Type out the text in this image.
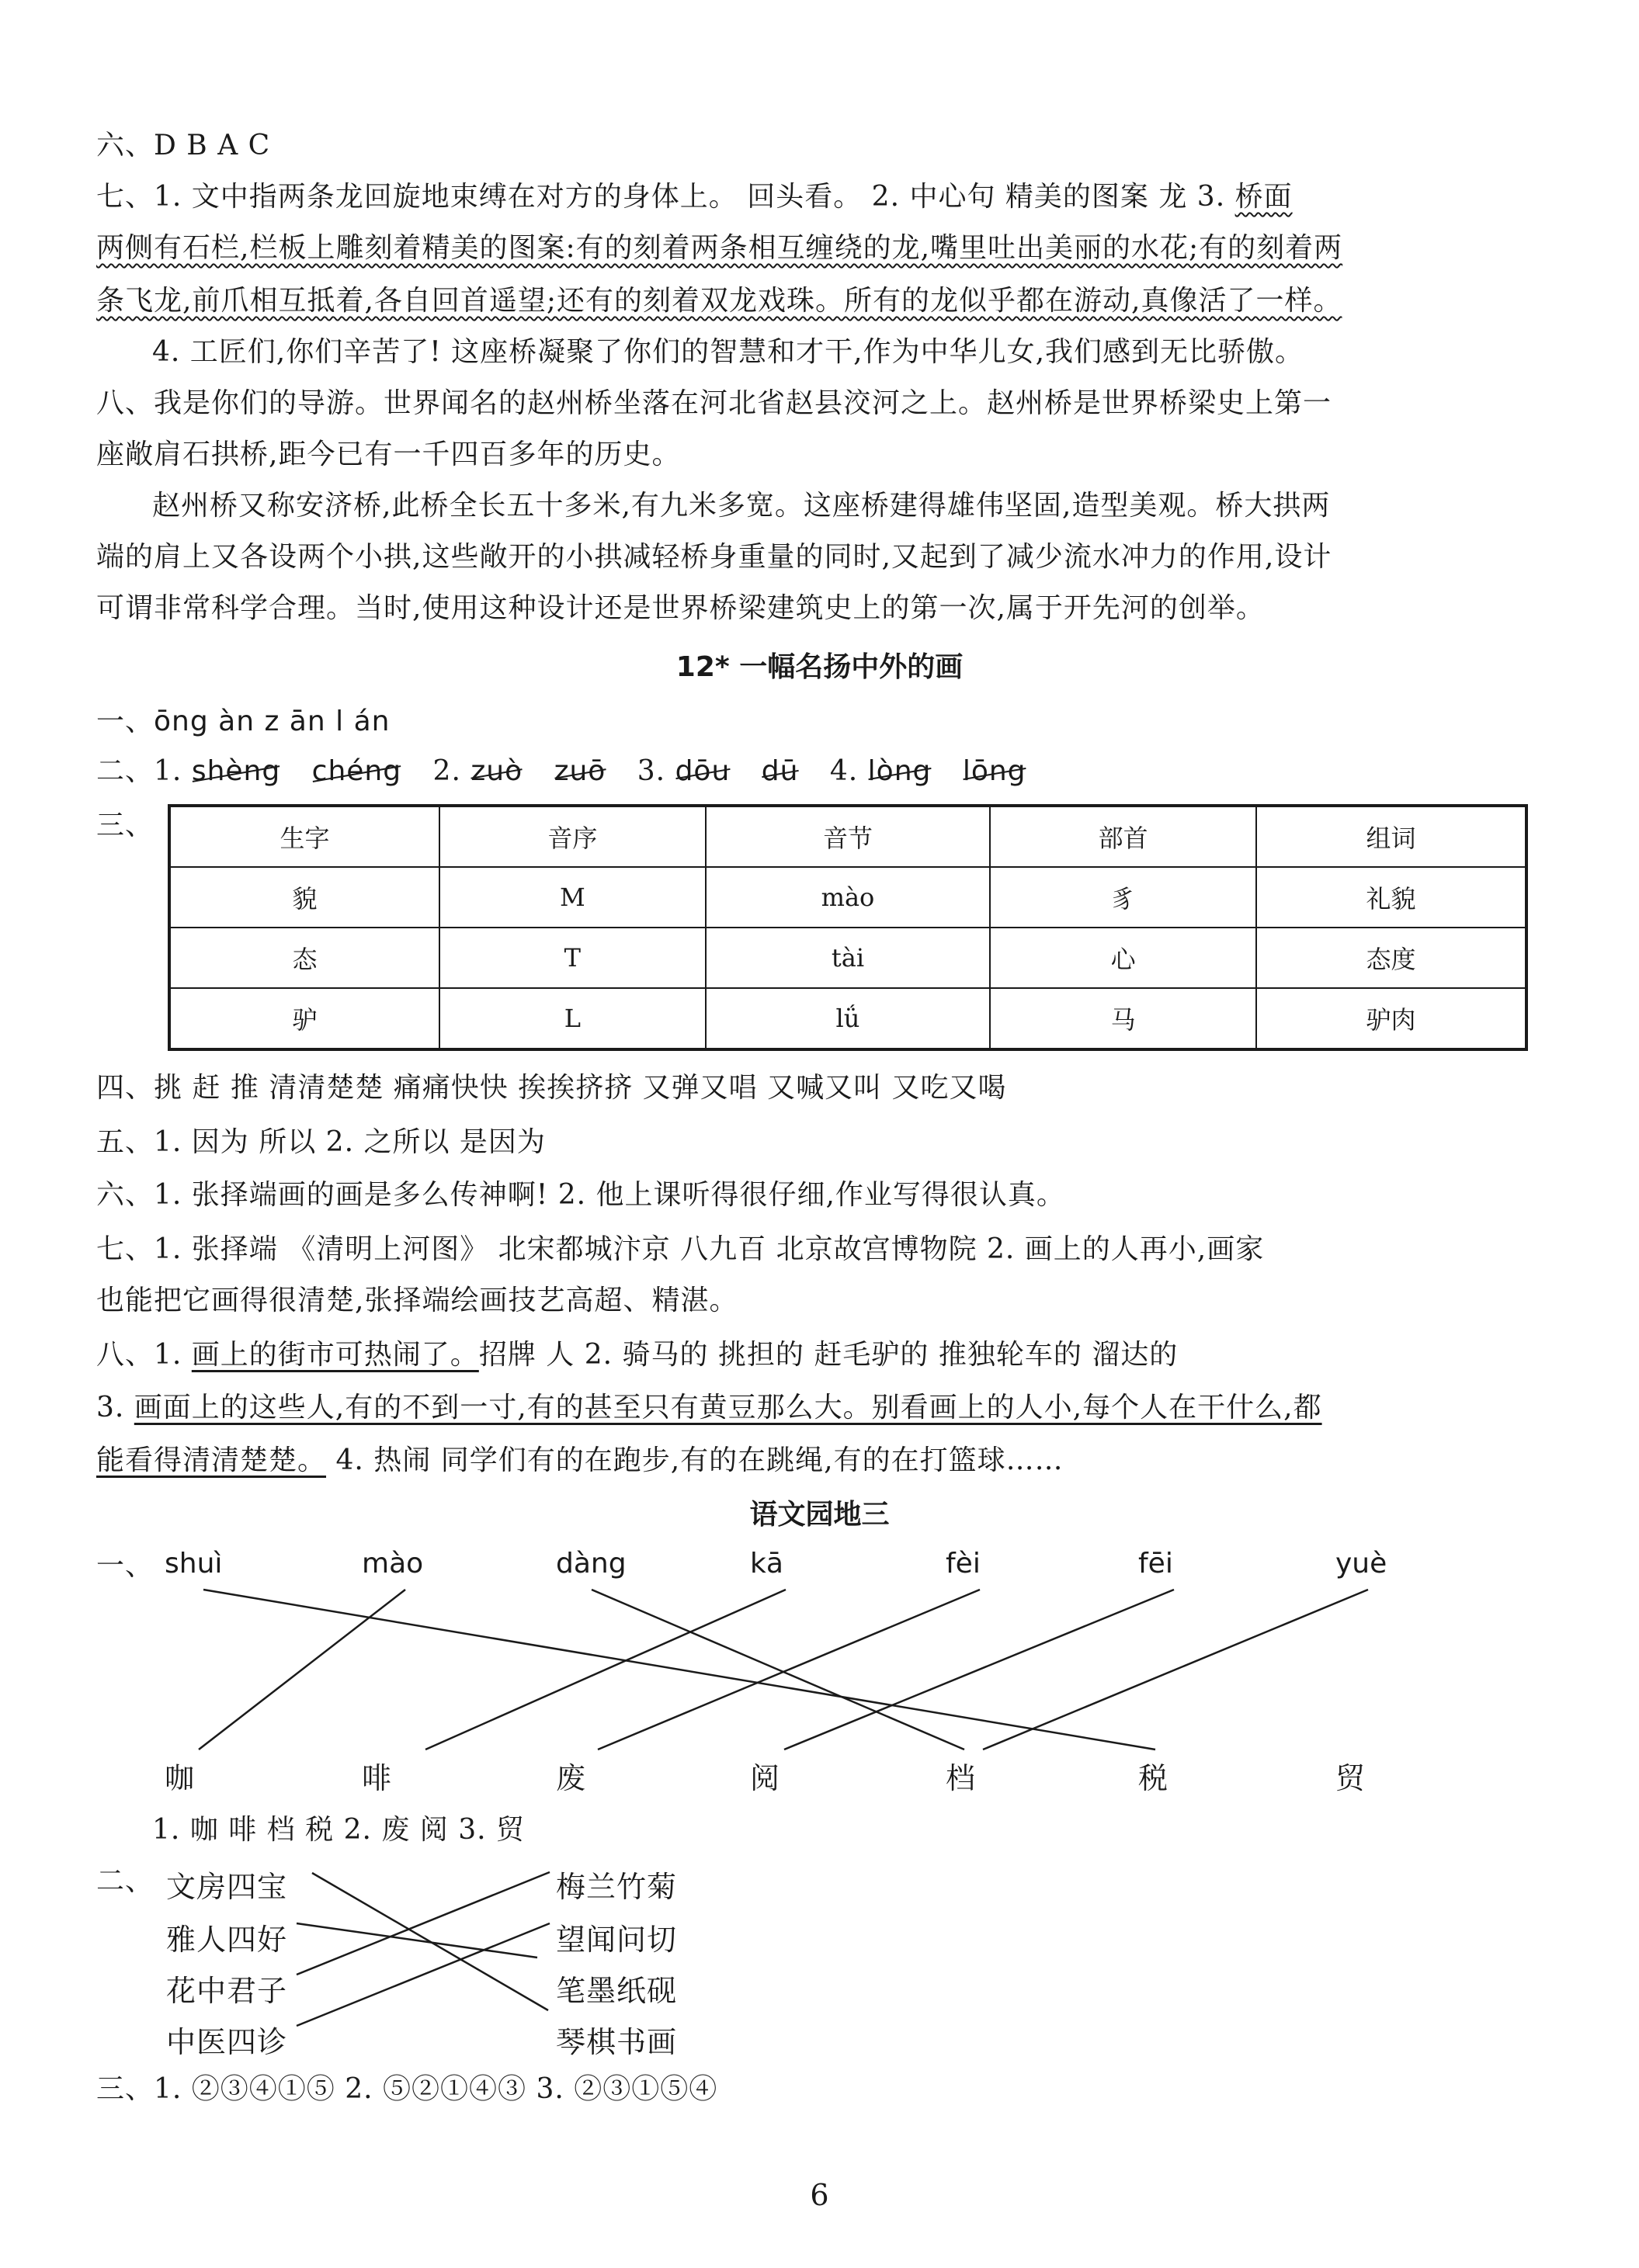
六、D B A C
七、1. 文中指两条龙回旋地束缚在对方的身体上。 回头看。 2. 中心句 精美的图案 龙 3. 桥面
两侧有石栏,栏板上雕刻着精美的图案:有的刻着两条相互缠绕的龙,嘴里吐出美丽的水花;有的刻着两
条飞龙,前爪相互抵着,各自回首遥望;还有的刻着双龙戏珠。所有的龙似乎都在游动,真像活了一样。
4. 工匠们,你们辛苦了! 这座桥凝聚了你们的智慧和才干,作为中华儿女,我们感到无比骄傲。
八、我是你们的导游。世界闻名的赵州桥坐落在河北省赵县洨河之上。赵州桥是世界桥梁史上第一
座敞肩石拱桥,距今已有一千四百多年的历史。
赵州桥又称安济桥,此桥全长五十多米,有九米多宽。这座桥建得雄伟坚固,造型美观。桥大拱两
端的肩上又各设两个小拱,这些敞开的小拱减轻桥身重量的同时,又起到了减少流水冲力的作用,设计
可谓非常科学合理。当时,使用这种设计还是世界桥梁建筑史上的第一次,属于开先河的创举。
12* 一幅名扬中外的画
一、ōng àn z ān l án
二、1. shèng chéng 2. zuò zuō 3. dōu dū 4. lòng lōng
三、	生字	音序	音节	部首	组词
貌	M	mào	豸	礼貌
态	T	tài	心	态度
驴	L	lǘ	马	驴肉
四、挑 赶 推 清清楚楚 痛痛快快 挨挨挤挤 又弹又唱 又喊又叫 又吃又喝
五、1. 因为 所以 2. 之所以 是因为
六、1. 张择端画的画是多么传神啊! 2. 他上课听得很仔细,作业写得很认真。
七、1. 张择端 《清明上河图》 北宋都城汴京 八九百 北京故宫博物院 2. 画上的人再小,画家
也能把它画得很清楚,张择端绘画技艺高超、精湛。
八、1. 画上的街市可热闹了。招牌 人 2. 骑马的 挑担的 赶毛驴的 推独轮车的 溜达的
3. 画面上的这些人,有的不到一寸,有的甚至只有黄豆那么大。别看画上的人小,每个人在干什么,都
能看得清清楚楚。 4. 热闹 同学们有的在跑步,有的在跳绳,有的在打篮球……
语文园地三
一、 shuì	mào	dàng	kā	fèi	fēi	yuè
咖	啡	废	阅	档	税	贸
1. 咖 啡 档 税 2. 废 阅 3. 贸
二、 文房四宝
雅人四好
花中君子
中医四诊
梅兰竹菊
望闻问切
笔墨纸砚
琴棋书画
三、1. ②③④①⑤ 2. ⑤②①④③ 3. ②③①⑤④
6
